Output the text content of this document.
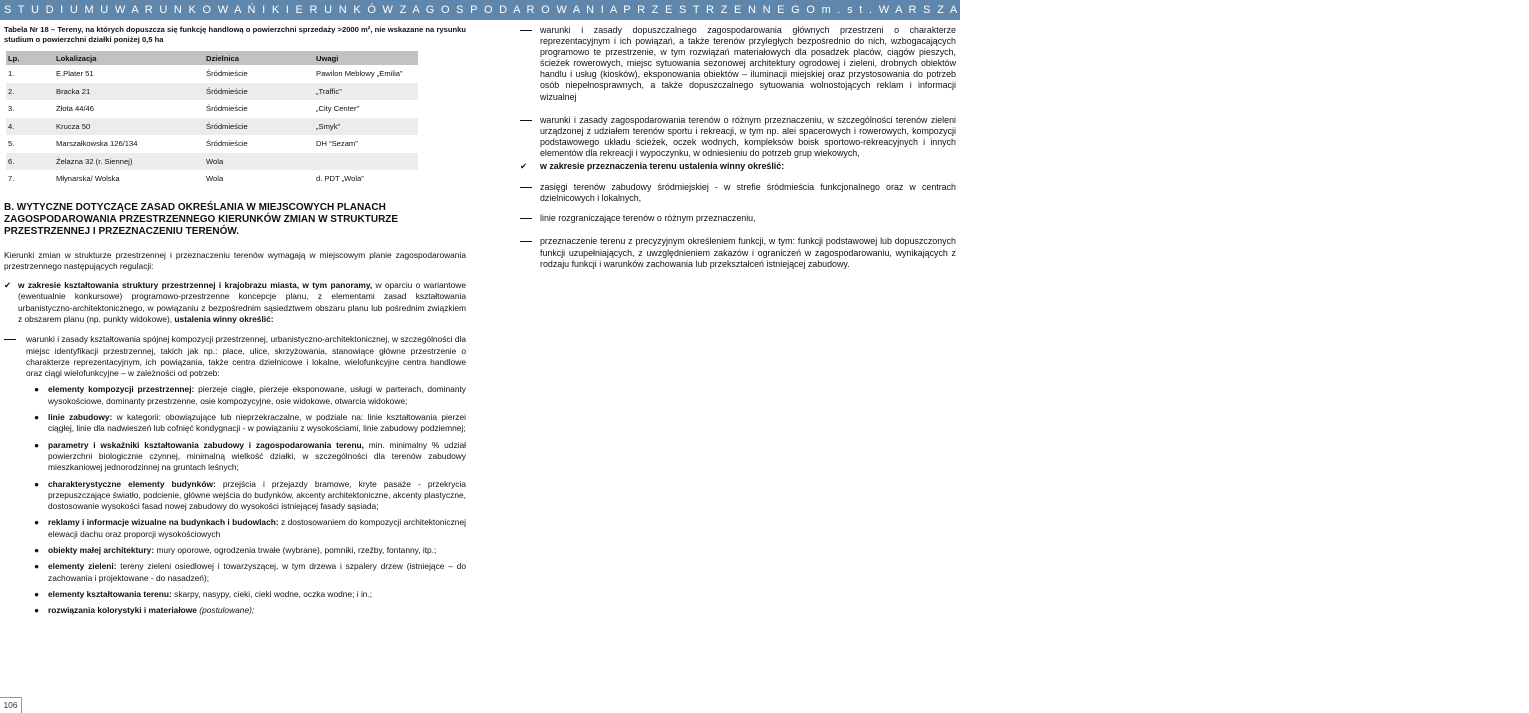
S T U D I U M U W A R U N K O W A Ń I K I E R U N K Ó W Z A G O S P O D A R O W A N I A P R Z E S T R Z E N N E G O m . s t . W A R S Z A W Y – K I E R U N K I Z A G O S P O D A R O W A N I A P R Z E S T R Z E N N E G O
Tabela Nr 18 – Tereny, na których dopuszcza się funkcję handlową o powierzchni sprzedaży >2000 m², nie wskazane na rysunku studium o powierzchni działki poniżej 0,5 ha
Lp.	Lokalizacja	Dzielnica	Uwagi
1.	E.Plater 51	Śródmieście	Pawilon Meblowy „Emilia”
2.	Bracka 21	Śródmieście	„Traffic”
3.	Złota 44/46	Śródmieście	„City Center”
4.	Krucza 50	Śródmieście	„Smyk”
5.	Marszałkowska 126/134	Śródmieście	DH “Sezam”
6.	Żelazna 32 (r. Siennej)	Wola	
7.	Młynarska/ Wolska	Wola	d. PDT „Wola”
B. WYTYCZNE DOTYCZĄCE ZASAD OKREŚLANIA W MIEJSCOWYCH PLANACH ZAGOSPODAROWANIA PRZESTRZENNEGO KIERUNKÓW ZMIAN W STRUKTURZE PRZESTRZENNEJ I PRZEZNACZENIU TERENÓW.
Kierunki zmian w strukturze przestrzennej i przeznaczeniu terenów wymagają w miejscowym planie zagospodarowania przestrzennego następujących regulacji:
✔ w zakresie kształtowania struktury przestrzennej i krajobrazu miasta, w tym panoramy, w oparciu o wariantowe (ewentualnie konkursowe) programowo-przestrzenne koncepcje planu, z elementami zasad kształtowania urbanistyczno-architektonicznego, w powiązaniu z bezpośrednim sąsiedztwem obszaru planu lub pośrednim związkiem z obszarem planu (np. punkty widokowe), ustalenia winny określić:
warunki i zasady kształtowania spójnej kompozycji przestrzennej, urbanistyczno-architektonicznej, w szczególności dla miejsc identyfikacji przestrzennej, takich jak np.: place, ulice, skrzyżowania, stanowiące główne przestrzenie o charakterze reprezentacyjnym, ich powiązania, także centra dzielnicowe i lokalne, wielofunkcyjne centra handlowe oraz ciągi wielofunkcyjne – w zależności od potrzeb:
● elementy kompozycji przestrzennej: pierzeje ciągłe, pierzeje eksponowane, usługi w parterach, dominanty wysokościowe, dominanty przestrzenne, osie kompozycyjne, osie widokowe, otwarcia widokowe;
● linie zabudowy: w kategorii: obowiązujące lub nieprzekraczalne, w podziale na: linie kształtowania pierzei ciągłej, linie dla nadwieszeń lub cofnięć kondygnacji - w powiązaniu z wysokościami, linie zabudowy podziemnej;
● parametry i wskaźniki kształtowania zabudowy i zagospodarowania terenu, min. minimalny % udział powierzchni biologicznie czynnej, minimalną wielkość działki, w szczególności dla terenów zabudowy mieszkaniowej jednorodzinnej na gruntach leśnych;
● charakterystyczne elementy budynków: przejścia i przejazdy bramowe, kryte pasaże - przekrycia przepuszczające światło, podcienie, główne wejścia do budynków, akcenty architektoniczne, akcenty plastyczne, dostosowanie wysokości fasad nowej zabudowy do wysokości istniejącej fasady sąsiada;
● reklamy i informacje wizualne na budynkach i budowlach: z dostosowaniem do kompozycji architektonicznej elewacji dachu oraz proporcji wysokościowych
● obiekty małej architektury: mury oporowe, ogrodzenia trwałe (wybrane), pomniki, rzeźby, fontanny, itp.;
● elementy zieleni: tereny zieleni osiedlowej i towarzyszącej, w tym drzewa i szpalery drzew (istniejące – do zachowania i projektowane - do nasadzeń);
● elementy kształtowania terenu: skarpy, nasypy, cieki, cieki wodne, oczka wodne; i in.;
● rozwiązania kolorystyki i materiałowe (postulowane);
warunki i zasady dopuszczalnego zagospodarowania głównych przestrzeni o charakterze reprezentacyjnym i ich powiązań, a także terenów przyległych bezpośrednio do nich, wzbogacających programowo te przestrzenie, w tym rozwiązań materiałowych dla posadzek placów, ciągów pieszych, ścieżek rowerowych, miejsc sytuowania sezonowej architektury ogrodowej i zieleni, drobnych obiektów handlu i usług (kiosków), eksponowania obiektów – iluminacji miejskiej oraz przystosowania do potrzeb osób niepełnosprawnych, a także dopuszczalnego sytuowania wolnostojących reklam i informacji wizualnej
warunki i zasady zagospodarowania terenów o różnym przeznaczeniu, w szczególności terenów zieleni urządzonej z udziałem terenów sportu i rekreacji, w tym np. alei spacerowych i rowerowych, kompozycji podstawowego układu ścieżek, oczek wodnych, kompleksów boisk sportowo-rekreacyjnych i innych elementów dla rekreacji i wypoczynku, w odniesieniu do potrzeb grup wiekowych,
✔ w zakresie przeznaczenia terenu ustalenia winny określić:
zasięgi terenów zabudowy śródmiejskiej - w strefie śródmieścia funkcjonalnego oraz w centrach dzielnicowych i lokalnych,
linie rozgraniczające terenów o różnym przeznaczeniu,
przeznaczenie terenu z precyzyjnym określeniem funkcji, w tym: funkcji podstawowej lub dopuszczonych funkcji uzupełniających, z uwzględnieniem zakazów i ograniczeń w zagospodarowaniu, wynikających z rodzaju funkcji i warunków zachowania lub przekształceń istniejącej zabudowy.
106
